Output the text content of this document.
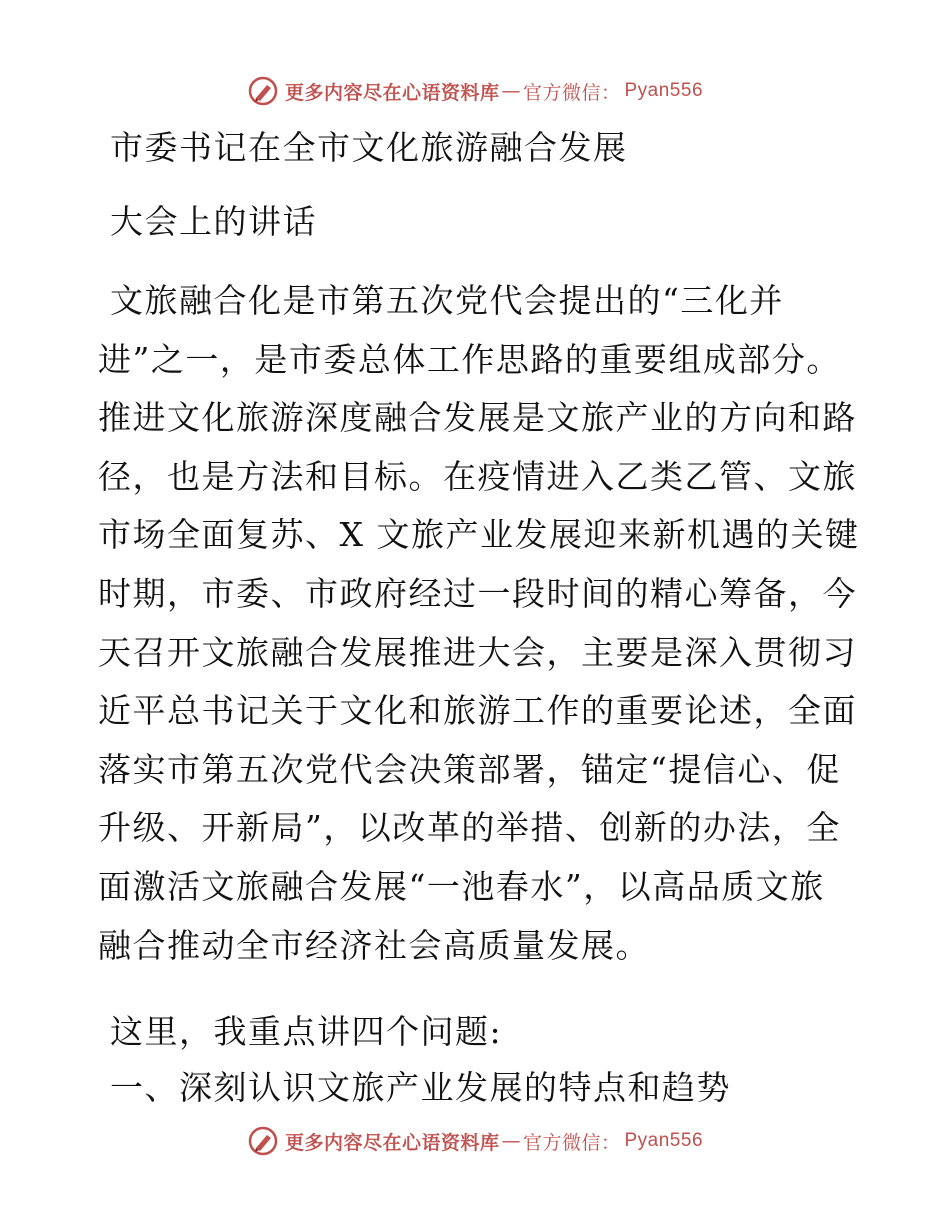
更多内容尽在心语资料库 — 官方微信： Pyan556
市委书记在全市文化旅游融合发展
大会上的讲话
文旅融合化是市第五次党代会提出的“三化并
进”之一，是市委总体工作思路的重要组成部分。
推进文化旅游深度融合发展是文旅产业的方向和路
径，也是方法和目标。在疫情进入乙类乙管、文旅
市场全面复苏、X 文旅产业发展迎来新机遇的关键
时期，市委、市政府经过一段时间的精心筹备，今
天召开文旅融合发展推进大会，主要是深入贯彻习
近平总书记关于文化和旅游工作的重要论述，全面
落实市第五次党代会决策部署，锚定“提信心、促
升级、开新局”，以改革的举措、创新的办法，全
面激活文旅融合发展“一池春水”，以高品质文旅
融合推动全市经济社会高质量发展。
这里，我重点讲四个问题:
一、深刻认识文旅产业发展的特点和趋势
更多内容尽在心语资料库 — 官方微信： Pyan556
